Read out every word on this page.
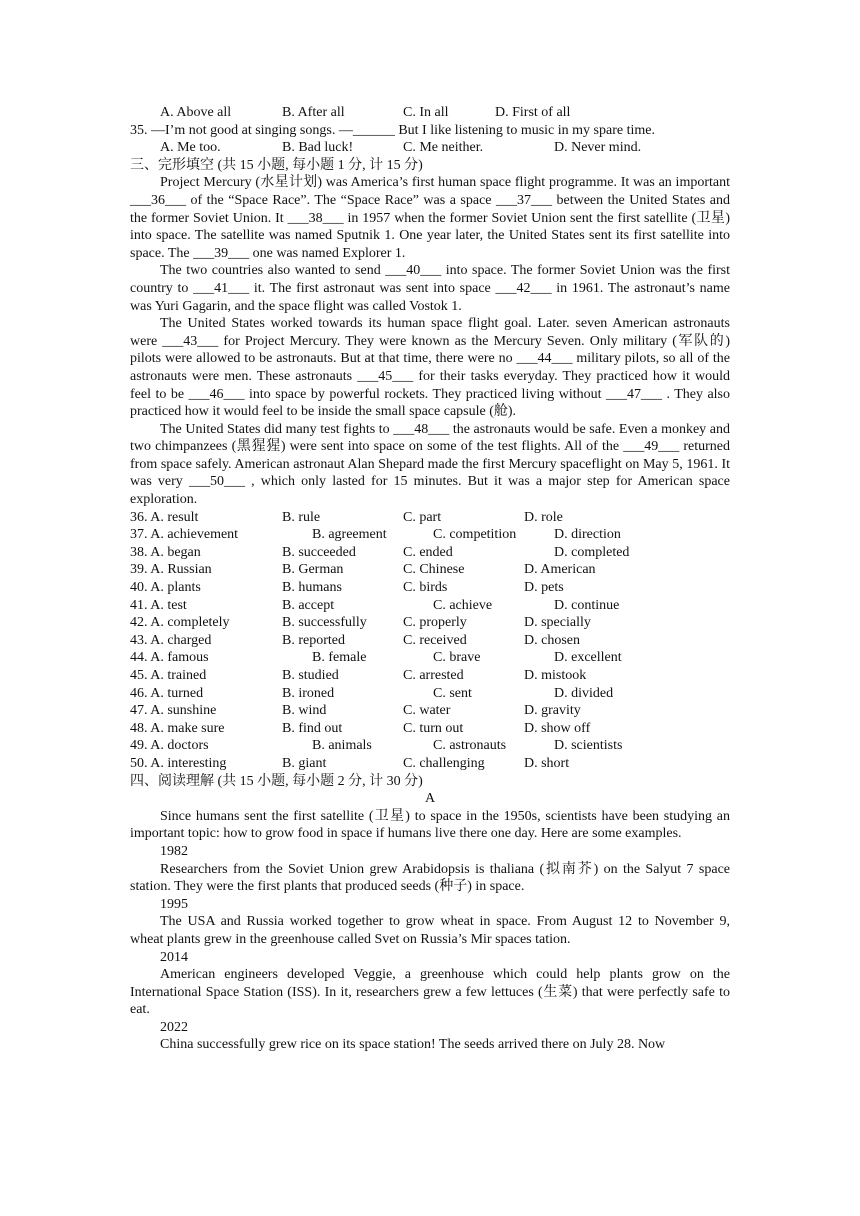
A. Above all	B. After all	C. In all	D. First of all
35. —I’m not good at singing songs. —______ But I like listening to music in my spare time.
A. Me too.	B. Bad luck!	C. Me neither.	D. Never mind.
三、完形填空 (共 15 小题, 每小题 1 分, 计 15 分)

Project Mercury (水星计划) was America’s first human space flight programme. It was an important ___36___ of the “Space Race”. The “Space Race” was a space ___37___ between the United States and the former Soviet Union. It ___38___ in 1957 when the former Soviet Union sent the first satellite (卫星) into space. The satellite was named Sputnik 1. One year later, the United States sent its first satellite into space. The ___39___ one was named Explorer 1.

The two countries also wanted to send ___40___ into space. The former Soviet Union was the first country to ___41___ it. The first astronaut was sent into space ___42___ in 1961. The astronaut’s name was Yuri Gagarin, and the space flight was called Vostok 1.

The United States worked towards its human space flight goal. Later. seven American astronauts were ___43___ for Project Mercury. They were known as the Mercury Seven. Only military (军队的) pilots were allowed to be astronauts. But at that time, there were no ___44___ military pilots, so all of the astronauts were men. These astronauts ___45___ for their tasks everyday. They practiced how it would feel to be ___46___ into space by powerful rockets. They practiced living without ___47___ . They also practiced how it would feel to be inside the small space capsule (舱).

The United States did many test fights to ___48___ the astronauts would be safe. Even a monkey and two chimpanzees (黑猩猩) were sent into space on some of the test flights. All of the ___49___ returned from space safely. American astronaut Alan Shepard made the first Mercury spaceflight on May 5, 1961. It was very ___50___ , which only lasted for 15 minutes. But it was a major step for American space exploration.

36. A. result	B. rule	C. part	D. role
37. A. achievement	B. agreement	C. competition	D. direction
38. A. began	B. succeeded	C. ended	D. completed
39. A. Russian	B. German	C. Chinese	D. American
40. A. plants	B. humans	C. birds	D. pets
41. A. test	B. accept	C. achieve	D. continue
42. A. completely	B. successfully	C. properly	D. specially
43. A. charged	B. reported	C. received	D. chosen
44. A. famous	B. female	C. brave	D. excellent
45. A. trained	B. studied	C. arrested	D. mistook
46. A. turned	B. ironed	C. sent	D. divided
47. A. sunshine	B. wind	C. water	D. gravity
48. A. make sure	B. find out	C. turn out	D. show off
49. A. doctors	B. animals	C. astronauts	D. scientists
50. A. interesting	B. giant	C. challenging	D. short
四、阅读理解 (共 15 小题, 每小题 2 分, 计 30 分)
A

Since humans sent the first satellite (卫星) to space in the 1950s, scientists have been studying an important topic: how to grow food in space if humans live there one day. Here are some examples.

1982

Researchers from the Soviet Union grew Arabidopsis is thaliana (拟南芥) on the Salyut 7 space station. They were the first plants that produced seeds (种子) in space.

1995

The USA and Russia worked together to grow wheat in space. From August 12 to November 9, wheat plants grew in the greenhouse called Svet on Russia’s Mir spaces tation.

2014

American engineers developed Veggie, a greenhouse which could help plants grow on the International Space Station (ISS). In it, researchers grew a few lettuces (生菜) that were perfectly safe to eat.

2022

China successfully grew rice on its space station! The seeds arrived there on July 28. Now
